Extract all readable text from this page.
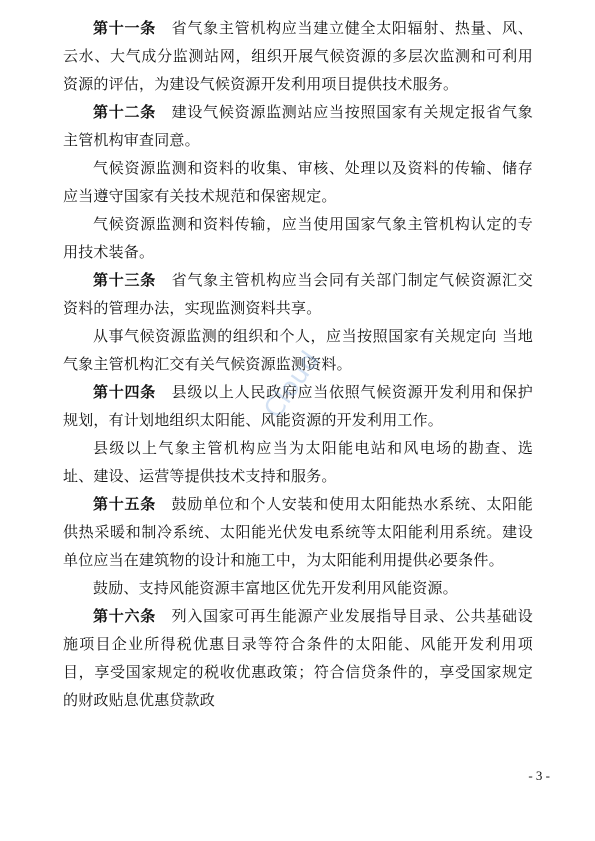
第十一条　省气象主管机构应当建立健全太阳辐射、热量、风、云水、大气成分监测站网，组织开展气候资源的多层次监测和可利用资源的评估，为建设气候资源开发利用项目提供技术服务。

第十二条　建设气候资源监测站应当按照国家有关规定报省气象主管机构审查同意。

气候资源监测和资料的收集、审核、处理以及资料的传输、储存应当遵守国家有关技术规范和保密规定。

气候资源监测和资料传输，应当使用国家气象主管机构认定的专用技术装备。

第十三条　省气象主管机构应当会同有关部门制定气候资源汇交资料的管理办法，实现监测资料共享。

从事气候资源监测的组织和个人，应当按照国家有关规定向 当地气象主管机构汇交有关气候资源监测资料。

第十四条　县级以上人民政府应当依照气候资源开发利用和保护规划，有计划地组织太阳能、风能资源的开发利用工作。

县级以上气象主管机构应当为太阳能电站和风电场的勘查、选址、建设、运营等提供技术支持和服务。

第十五条　鼓励单位和个人安装和使用太阳能热水系统、太阳能供热采暖和制冷系统、太阳能光伏发电系统等太阳能利用系统。建设单位应当在建筑物的设计和施工中，为太阳能利用提供必要条件。

鼓励、支持风能资源丰富地区优先开发利用风能资源。

第十六条　列入国家可再生能源产业发展指导目录、公共基础设施项目企业所得税优惠目录等符合条件的太阳能、风能开发利用项目，享受国家规定的税收优惠政策；符合信贷条件的，享受国家规定的财政贴息优惠贷款政

Cloud
- 3 -
